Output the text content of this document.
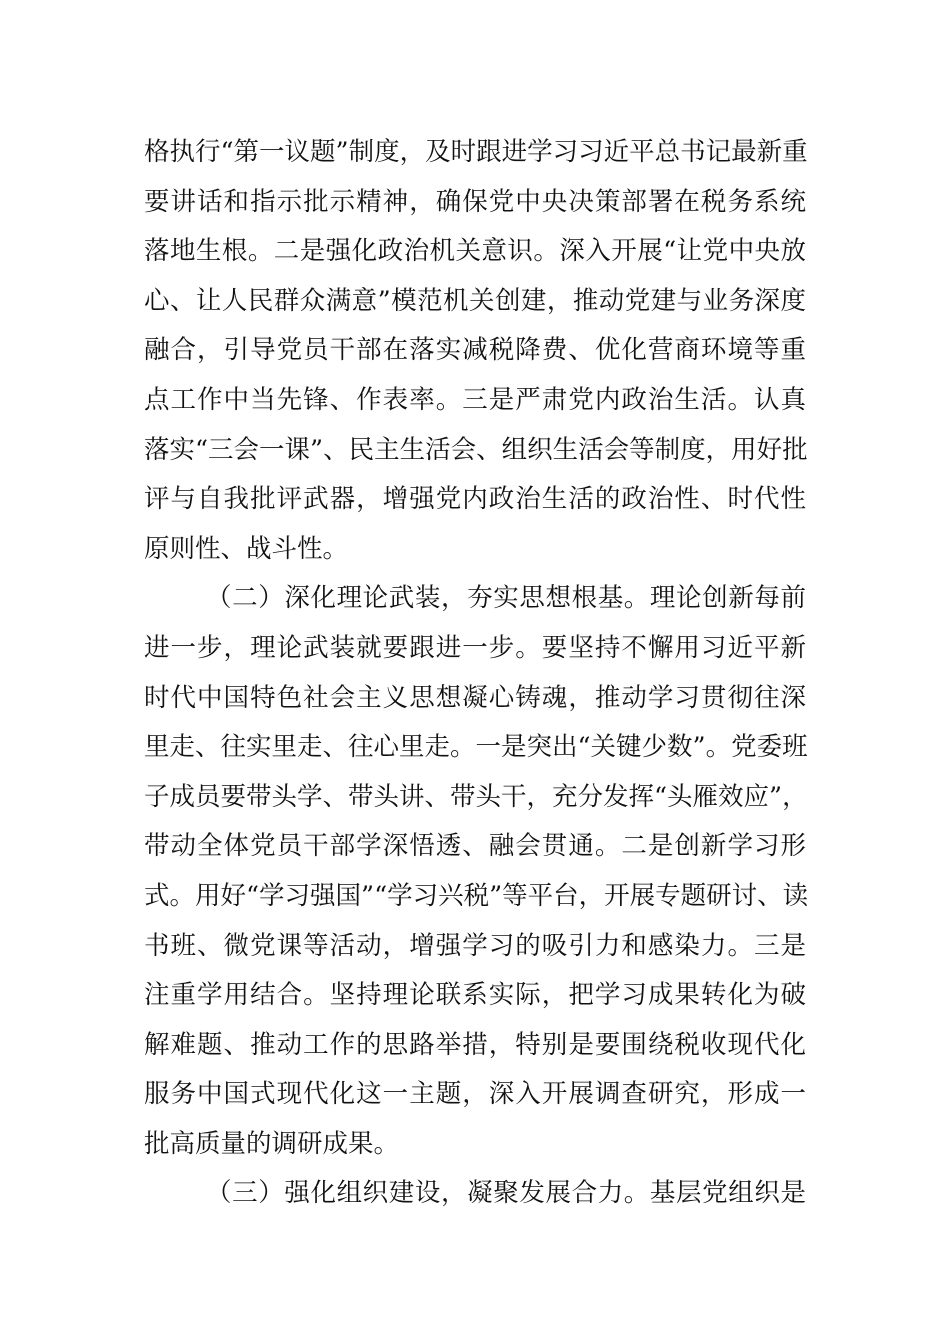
格执行“第一议题”制度，及时跟进学习习近平总书记最新重
要讲话和指示批示精神，确保党中央决策部署在税务系统
落地生根。二是强化政治机关意识。深入开展“让党中央放
心、让人民群众满意”模范机关创建，推动党建与业务深度
融合，引导党员干部在落实减税降费、优化营商环境等重
点工作中当先锋、作表率。三是严肃党内政治生活。认真
落实“三会一课”、民主生活会、组织生活会等制度，用好批
评与自我批评武器，增强党内政治生活的政治性、时代性
原则性、战斗性。
（二）深化理论武装，夯实思想根基。理论创新每前
进一步，理论武装就要跟进一步。要坚持不懈用习近平新
时代中国特色社会主义思想凝心铸魂，推动学习贯彻往深
里走、往实里走、往心里走。一是突出“关键少数”。党委班
子成员要带头学、带头讲、带头干，充分发挥“头雁效应”，
带动全体党员干部学深悟透、融会贯通。二是创新学习形
式。用好“学习强国”“学习兴税”等平台，开展专题研讨、读
书班、微党课等活动，增强学习的吸引力和感染力。三是
注重学用结合。坚持理论联系实际，把学习成果转化为破
解难题、推动工作的思路举措，特别是要围绕税收现代化
服务中国式现代化这一主题，深入开展调查研究，形成一
批高质量的调研成果。
（三）强化组织建设，凝聚发展合力。基层党组织是
